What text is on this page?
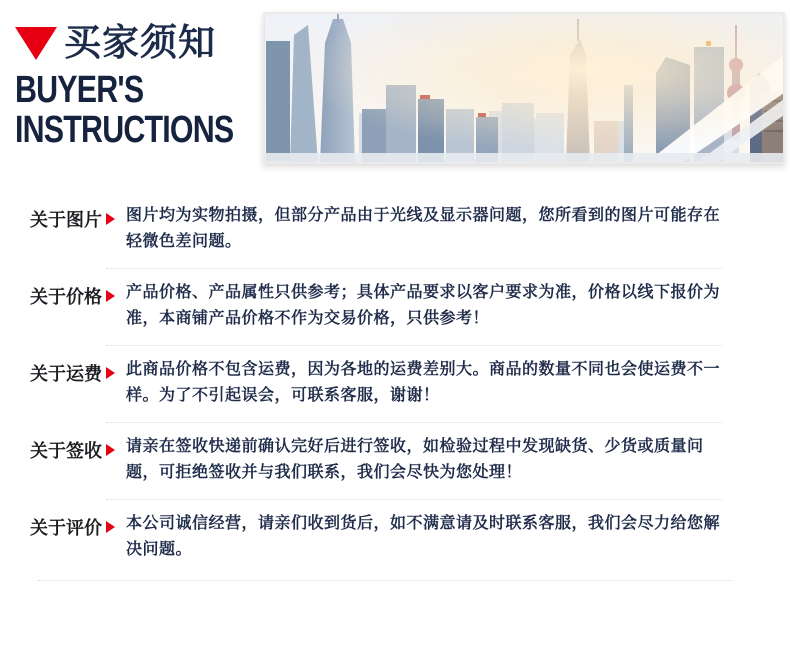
买家须知
BUYER'S
INSTRUCTIONS
关于图片 图片均为实物拍摄，但部分产品由于光线及显示器问题，您所看到的图片可能存在轻微色差问题。
关于价格 产品价格、产品属性只供参考；具体产品要求以客户要求为准，价格以线下报价为准，本商铺产品价格不作为交易价格，只供参考！
关于运费 此商品价格不包含运费，因为各地的运费差别大。商品的数量不同也会使运费不一样。为了不引起误会，可联系客服，谢谢！
关于签收 请亲在签收快递前确认完好后进行签收，如检验过程中发现缺货、少货或质量问题，可拒绝签收并与我们联系，我们会尽快为您处理！
关于评价 本公司诚信经营，请亲们收到货后，如不满意请及时联系客服，我们会尽力给您解决问题。
